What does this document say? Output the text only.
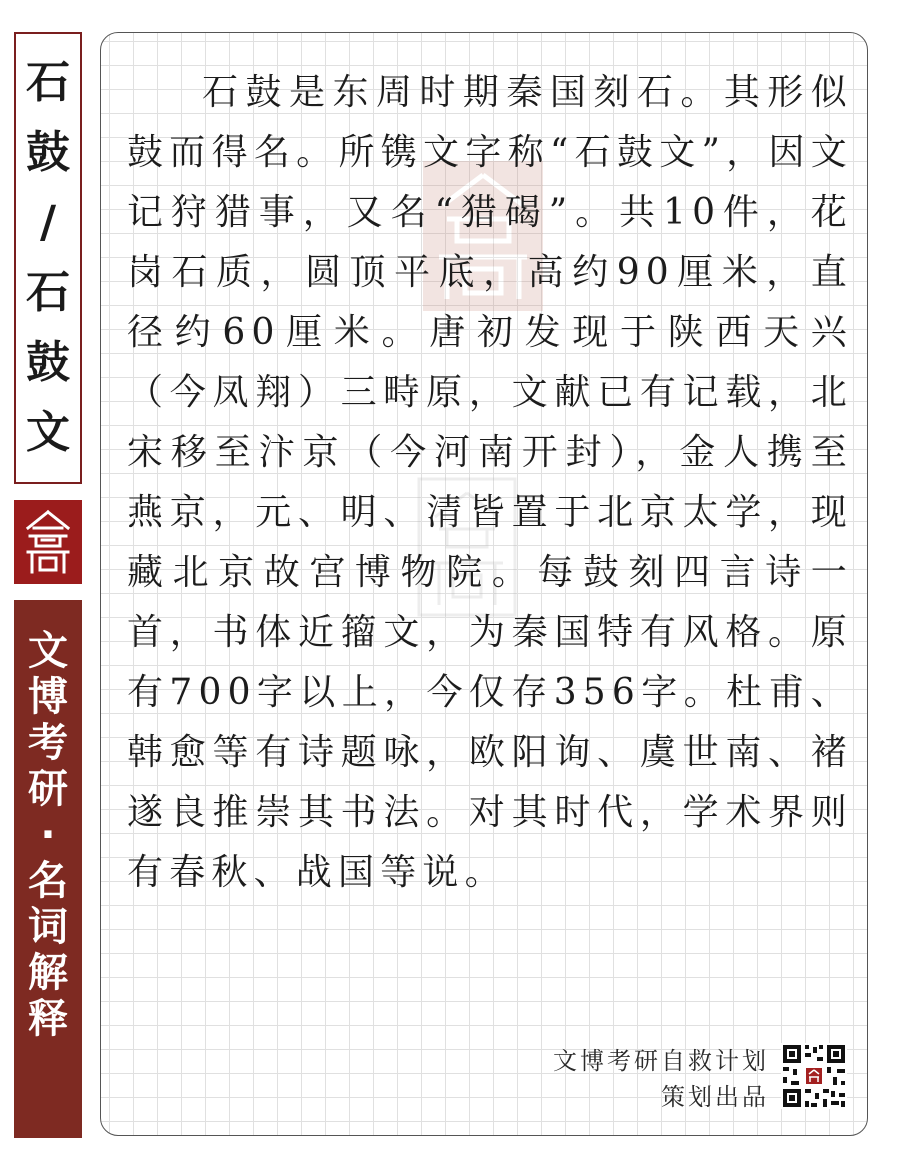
石
鼓
/
石
鼓
文
文
博
考
研
·
名
词
解
释

石鼓是东周时期秦国刻石。其形似鼓而得名。所镌文字称“石鼓文”，因文记狩猎事，又名“猎碣”。共10件，花岗石质，圆顶平底，高约90厘米，直径约60厘米。唐初发现于陕西天兴（今凤翔）三畤原，文献已有记载，北宋移至汴京（今河南开封），金人携至燕京，元、明、清皆置于北京太学，现藏北京故宫博物院。每鼓刻四言诗一首，书体近籀文，为秦国特有风格。原有700字以上，今仅存356字。杜甫、韩愈等有诗题咏，欧阳询、虞世南、褚遂良推崇其书法。对其时代，学术界则有春秋、战国等说。

文博考研自救计划
策划出品
